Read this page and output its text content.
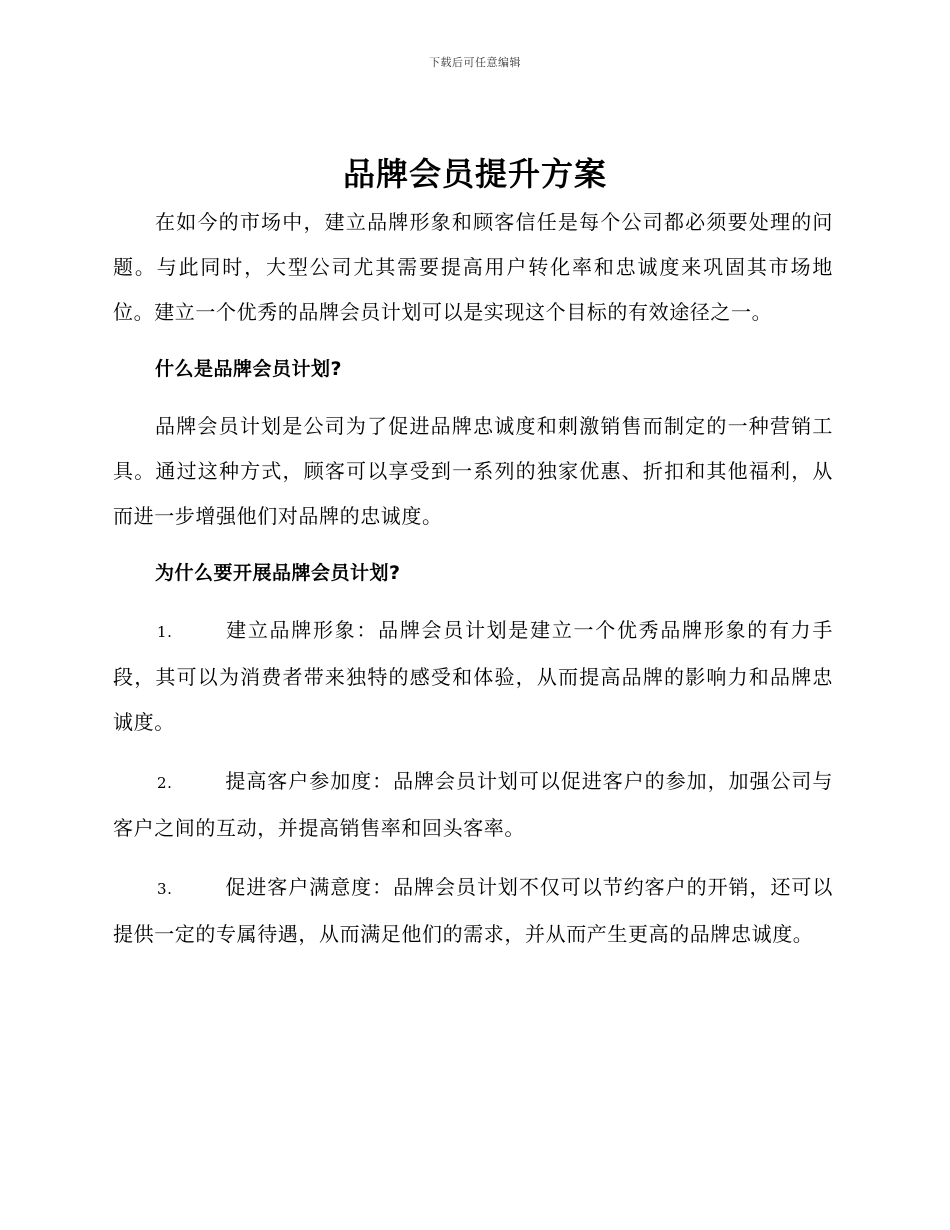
下载后可任意编辑
品牌会员提升方案

在如今的市场中，建立品牌形象和顾客信任是每个公司都必须要处理的问题。与此同时，大型公司尤其需要提高用户转化率和忠诚度来巩固其市场地位。建立一个优秀的品牌会员计划可以是实现这个目标的有效途径之一。

什么是品牌会员计划?

品牌会员计划是公司为了促进品牌忠诚度和刺激销售而制定的一种营销工具。通过这种方式，顾客可以享受到一系列的独家优惠、折扣和其他福利，从而进一步增强他们对品牌的忠诚度。

为什么要开展品牌会员计划?

1.	建立品牌形象：品牌会员计划是建立一个优秀品牌形象的有力手段，其可以为消费者带来独特的感受和体验，从而提高品牌的影响力和品牌忠诚度。

2.	提高客户参加度：品牌会员计划可以促进客户的参加，加强公司与客户之间的互动，并提高销售率和回头客率。

3.	促进客户满意度：品牌会员计划不仅可以节约客户的开销，还可以提供一定的专属待遇，从而满足他们的需求，并从而产生更高的品牌忠诚度。
